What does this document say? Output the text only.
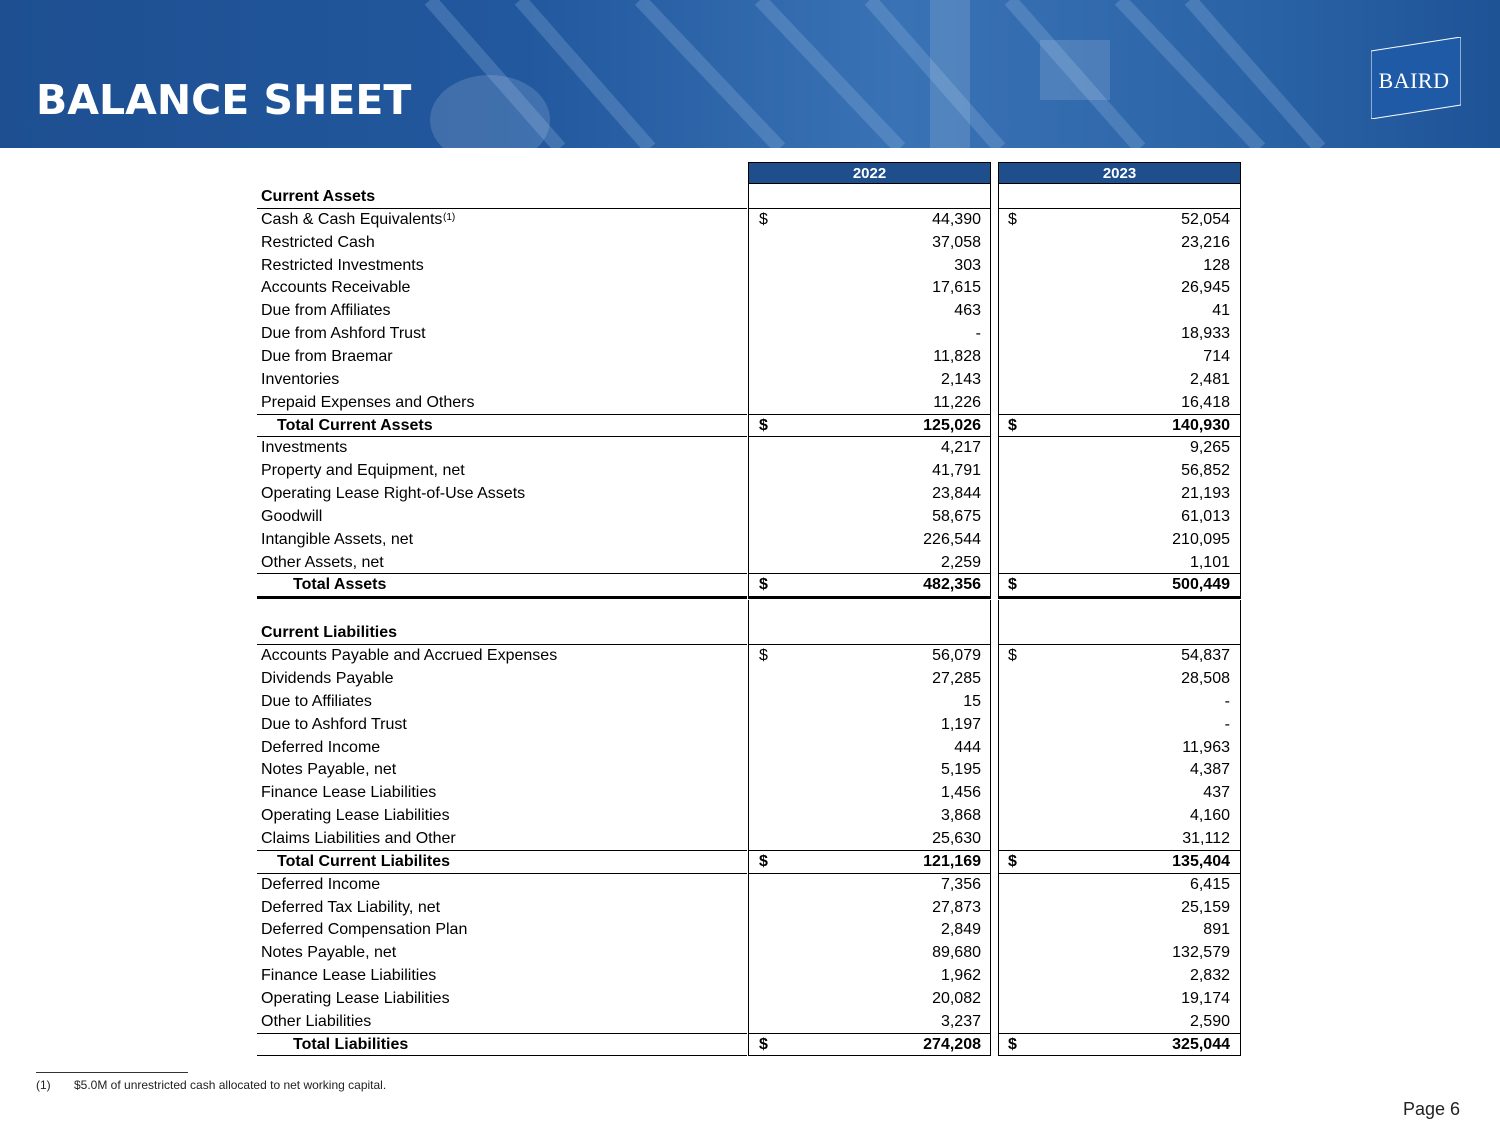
BALANCE SHEET	BAIRD
2022	2023
Current Assets
Cash & Cash Equivalents (1)	$	44,390 $	52,054
Restricted Cash	37,058	23,216
Restricted Investments	303	128
Accounts Receivable	17,615	26,945
Due from Affiliates	463	41
Due from Ashford Trust	-	18,933
Due from Braemar	11,828	714
Inventories	2,143	2,481
Prepaid Expenses and Others	11,226	16,418
Total Current Assets	$	125,026 $	140,930
Investments	4,217	9,265
Property and Equipment, net	41,791	56,852
Operating Lease Right-of-Use Assets	23,844	21,193
Goodwill	58,675	61,013
Intangible Assets, net	226,544	210,095
Other Assets, net	2,259	1,101
Total Assets	$	482,356 $	500,449
Current Liabilities
Accounts Payable and Accrued Expenses	$	56,079 $	54,837
Dividends Payable	27,285	28,508
Due to Affiliates	15	-
Due to Ashford Trust	1,197	-
Deferred Income	444	11,963
Notes Payable, net	5,195	4,387
Finance Lease Liabilities	1,456	437
Operating Lease Liabilities	3,868	4,160
Claims Liabilities and Other	25,630	31,112
Total Current Liabilites	$	121,169 $	135,404
Deferred Income	7,356	6,415
Deferred Tax Liability, net	27,873	25,159
Deferred Compensation Plan	2,849	891
Notes Payable, net	89,680	132,579
Finance Lease Liabilities	1,962	2,832
Operating Lease Liabilities	20,082	19,174
Other Liabilities	3,237	2,590
Total Liabilities	$	274,208 $	325,044
(1) $5.0M of unrestricted cash allocated to net working capital.
Page 6
